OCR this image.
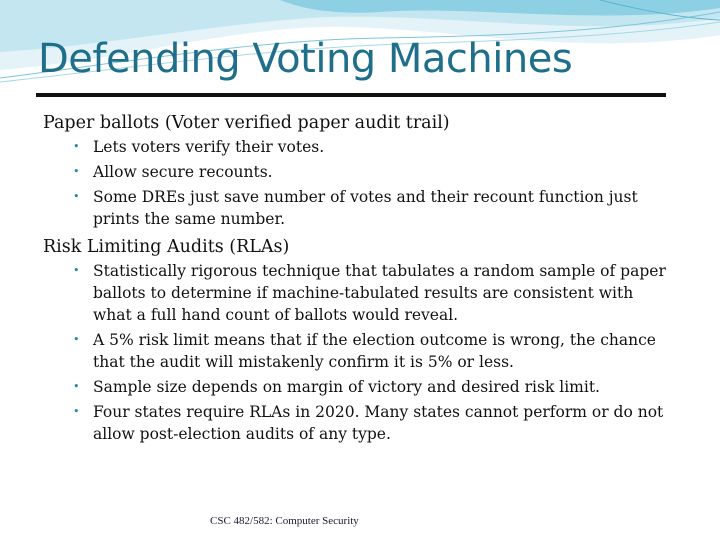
Defending Voting Machines
Paper ballots (Voter verified paper audit trail)
• Lets voters verify their votes.
• Allow secure recounts.
• Some DREs just save number of votes and their recount function just prints the same number.
Risk Limiting Audits (RLAs)
• Statistically rigorous technique that tabulates a random sample of paper ballots to determine if machine-tabulated results are consistent with what a full hand count of ballots would reveal.
• A 5% risk limit means that if the election outcome is wrong, the chance that the audit will mistakenly confirm it is 5% or less.
• Sample size depends on margin of victory and desired risk limit.
• Four states require RLAs in 2020. Many states cannot perform or do not allow post-election audits of any type.
CSC 482/582: Computer Security
